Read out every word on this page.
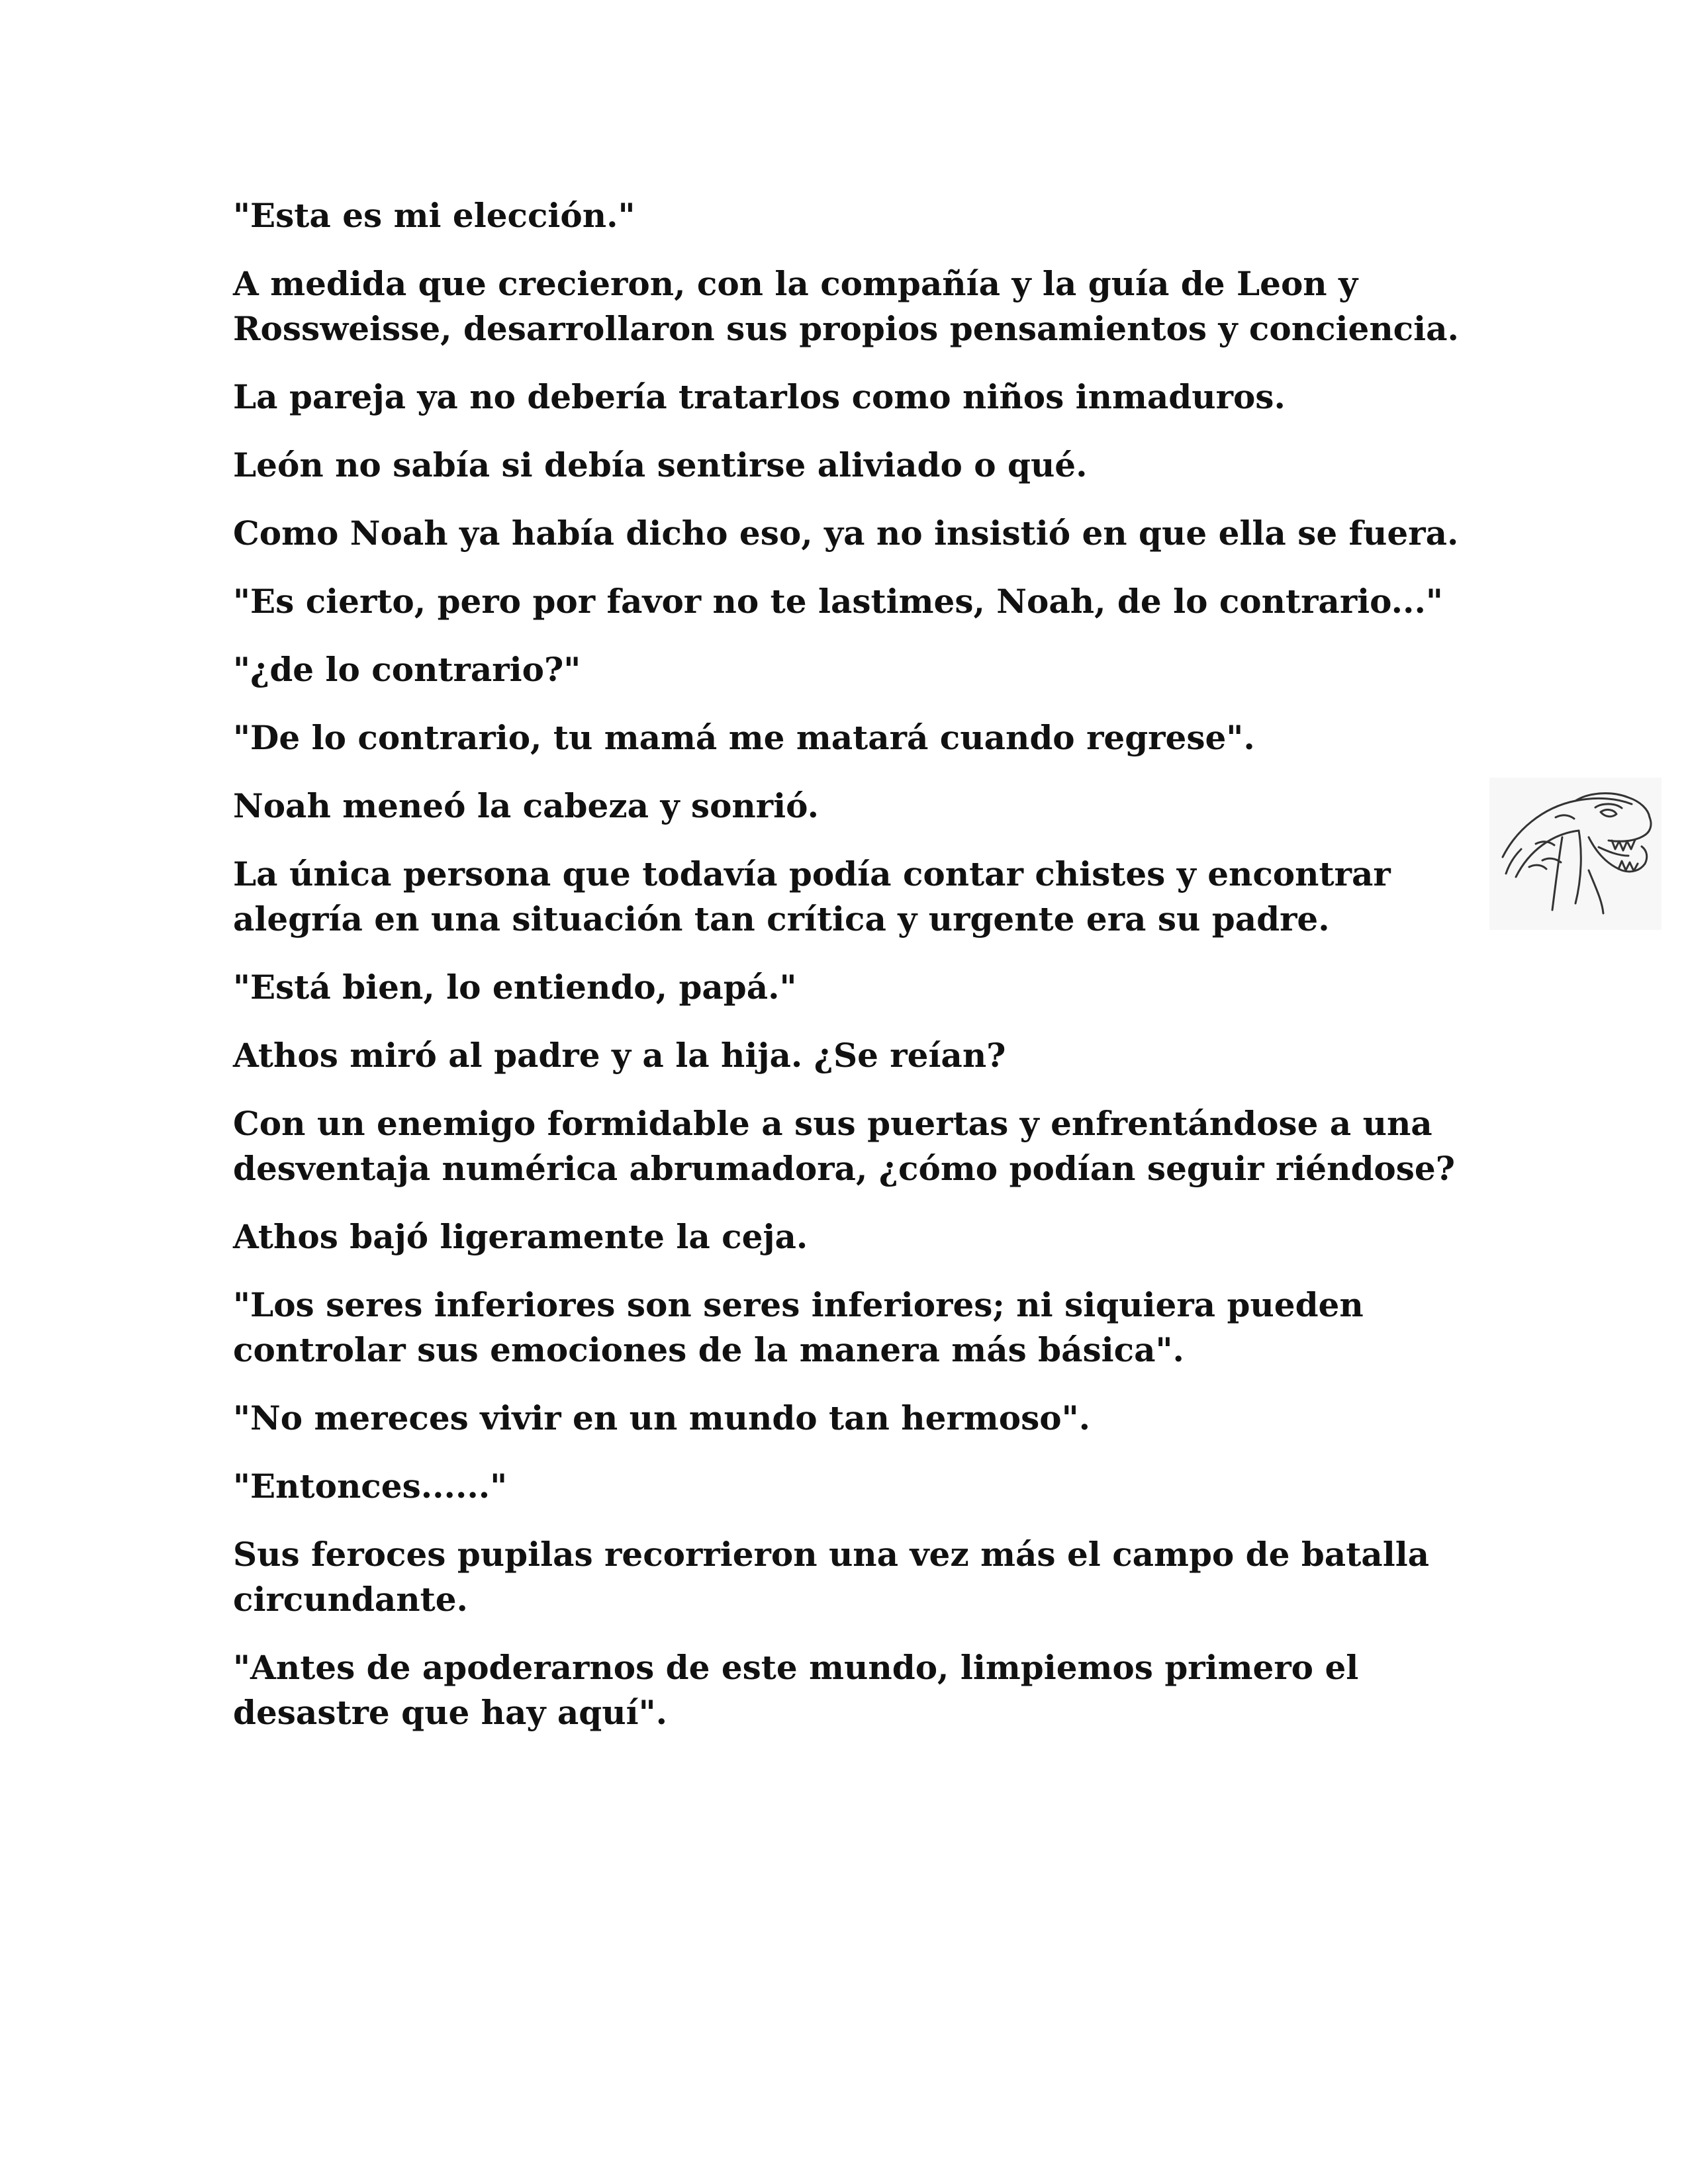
"Esta es mi elección."

A medida que crecieron, con la compañía y la guía de Leon y Rossweisse, desarrollaron sus propios pensamientos y conciencia.

La pareja ya no debería tratarlos como niños inmaduros.

León no sabía si debía sentirse aliviado o qué.

Como Noah ya había dicho eso, ya no insistió en que ella se fuera.

"Es cierto, pero por favor no te lastimes, Noah, de lo contrario..."

"¿de lo contrario?"

"De lo contrario, tu mamá me matará cuando regrese".

Noah meneó la cabeza y sonrió.

La única persona que todavía podía contar chistes y encontrar alegría en una situación tan crítica y urgente era su padre.

"Está bien, lo entiendo, papá."

Athos miró al padre y a la hija. ¿Se reían?

Con un enemigo formidable a sus puertas y enfrentándose a una desventaja numérica abrumadora, ¿cómo podían seguir riéndose?

Athos bajó ligeramente la ceja.

"Los seres inferiores son seres inferiores; ni siquiera pueden controlar sus emociones de la manera más básica".

"No mereces vivir en un mundo tan hermoso".

"Entonces......"

Sus feroces pupilas recorrieron una vez más el campo de batalla circundante.

"Antes de apoderarnos de este mundo, limpiemos primero el desastre que hay aquí".
